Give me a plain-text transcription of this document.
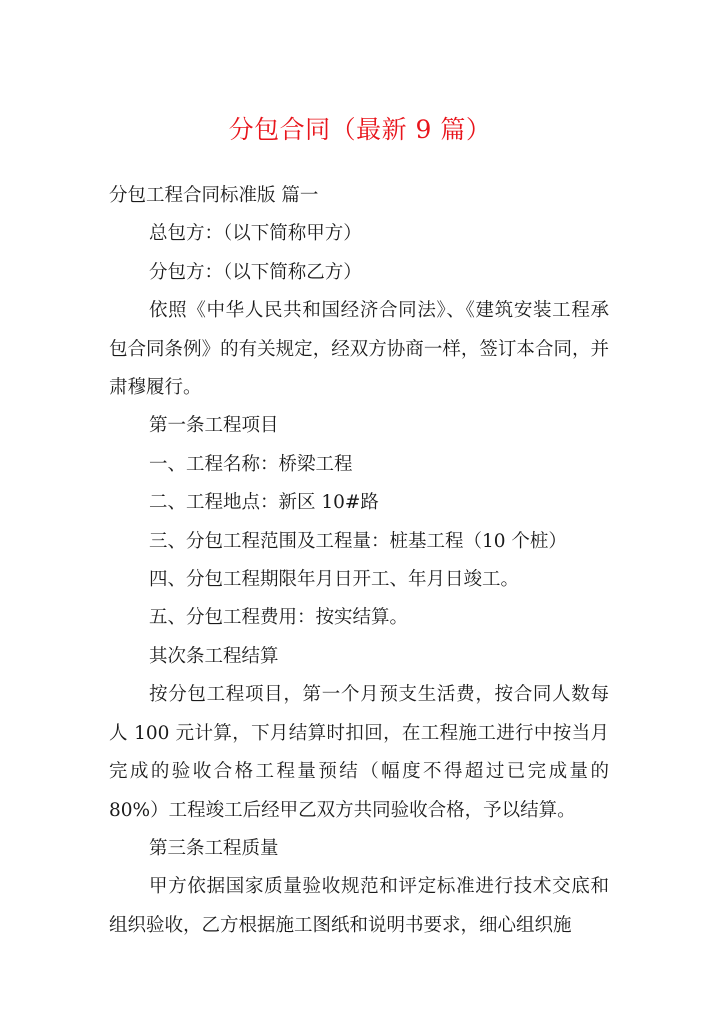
分包合同（最新 9 篇）

分包工程合同标准版 篇一

总包方：（以下简称甲方）

分包方：（以下简称乙方）

依照《中华人民共和国经济合同法》、《建筑安装工程承包合同条例》的有关规定，经双方协商一样，签订本合同，并肃穆履行。

第一条工程项目

一、工程名称：桥梁工程

二、工程地点：新区 10#路

三、分包工程范围及工程量：桩基工程（10 个桩）

四、分包工程期限年月日开工、年月日竣工。

五、分包工程费用：按实结算。

其次条工程结算

按分包工程项目，第一个月预支生活费，按合同人数每人 100 元计算，下月结算时扣回，在工程施工进行中按当月完成的验收合格工程量预结（幅度不得超过已完成量的 80%）工程竣工后经甲乙双方共同验收合格，予以结算。

第三条工程质量

甲方依据国家质量验收规范和评定标准进行技术交底和组织验收，乙方根据施工图纸和说明书要求，细心组织施
